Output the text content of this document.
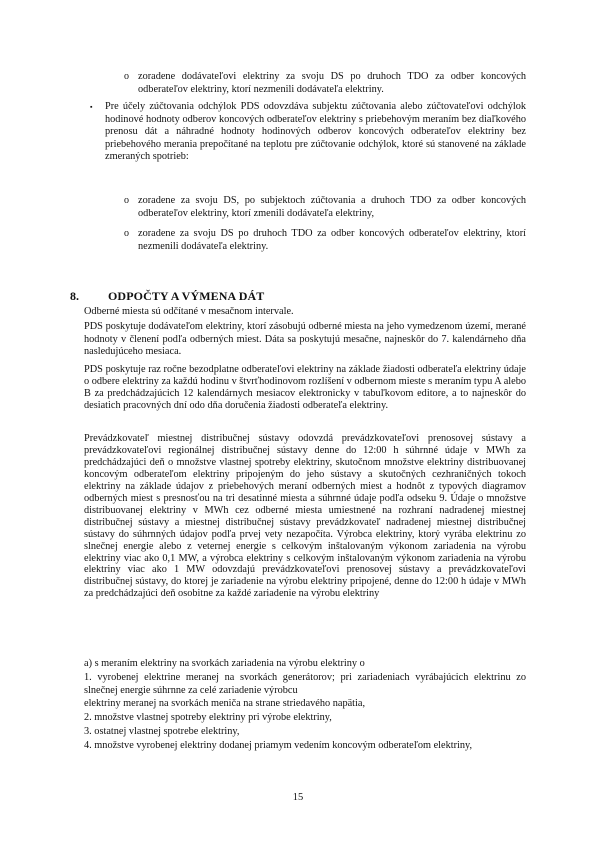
o zoradene dodávateľovi elektriny za svoju DS po druhoch TDO za odber koncových odberateľov elektriny, ktorí nezmenili dodávateľa elektriny.

▪ Pre účely zúčtovania odchýlok PDS odovzdáva subjektu zúčtovania alebo zúčtovateľovi odchýlok hodinové hodnoty odberov koncových odberateľov elektriny s priebehovým meraním bez diaľkového prenosu dát a náhradné hodnoty hodinových odberov koncových odberateľov elektriny bez priebehového merania prepočítané na teplotu pre zúčtovanie odchýlok, ktoré sú stanovené na základe zmeraných spotrieb:

o zoradene za svoju DS, po subjektoch zúčtovania a druhoch TDO za odber koncových odberateľov elektriny, ktorí zmenili dodávateľa elektriny,

o zoradene za svoju DS po druhoch TDO za odber koncových odberateľov elektriny, ktorí nezmenili dodávateľa elektriny.

8. ODPOČTY A VÝMENA DÁT

Odberné miesta sú odčítané v mesačnom intervale.

PDS poskytuje dodávateľom elektriny, ktorí zásobujú odberné miesta na jeho vymedzenom území, merané hodnoty v členení podľa odberných miest. Dáta sa poskytujú mesačne, najneskôr do 7. kalendárneho dňa nasledujúceho mesiaca.

PDS poskytuje raz ročne bezodplatne odberateľovi elektriny na základe žiadosti odberateľa elektriny údaje o odbere elektriny za každú hodinu v štvrťhodinovom rozlíšení v odbernom mieste s meraním typu A alebo B za predchádzajúcich 12 kalendárnych mesiacov elektronicky v tabuľkovom editore, a to najneskôr do desiatich pracovných dní odo dňa doručenia žiadosti odberateľa elektriny.

Prevádzkovateľ miestnej distribučnej sústavy odovzdá prevádzkovateľovi prenosovej sústavy a prevádzkovateľovi regionálnej distribučnej sústavy denne do 12:00 h súhrnné údaje v MWh za predchádzajúci deň o množstve vlastnej spotreby elektriny, skutočnom množstve elektriny distribuovanej koncovým odberateľom elektriny pripojeným do jeho sústavy a skutočných cezhraničných tokoch elektriny na základe údajov z priebehových meraní odberných miest a hodnôt z typových diagramov odberných miest s presnosťou na tri desatinné miesta a súhrnné údaje podľa odseku 9. Údaje o množstve distribuovanej elektriny v MWh cez odberné miesta umiestnené na rozhraní nadradenej miestnej distribučnej sústavy a miestnej distribučnej sústavy prevádzkovateľ nadradenej miestnej distribučnej sústavy do súhrnných údajov podľa prvej vety nezapočíta. Výrobca elektriny, ktorý vyrába elektrinu zo slnečnej energie alebo z veternej energie s celkovým inštalovaným výkonom zariadenia na výrobu elektriny viac ako 0,1 MW, a výrobca elektriny s celkovým inštalovaným výkonom zariadenia na výrobu elektriny viac ako 1 MW odovzdajú prevádzkovateľovi prenosovej sústavy a prevádzkovateľovi distribučnej sústavy, do ktorej je zariadenie na výrobu elektriny pripojené, denne do 12:00 h údaje v MWh za predchádzajúci deň osobitne za každé zariadenie na výrobu elektriny

a) s meraním elektriny na svorkách zariadenia na výrobu elektriny o

1. vyrobenej elektrine meranej na svorkách generátorov; pri zariadeniach vyrábajúcich elektrinu zo slnečnej energie súhrnne za celé zariadenie výrobcu

elektriny meranej na svorkách meniča na strane striedavého napätia,

2. množstve vlastnej spotreby elektriny pri výrobe elektriny,

3. ostatnej vlastnej spotrebe elektriny,

4. množstve vyrobenej elektriny dodanej priamym vedením koncovým odberateľom elektriny,

15
